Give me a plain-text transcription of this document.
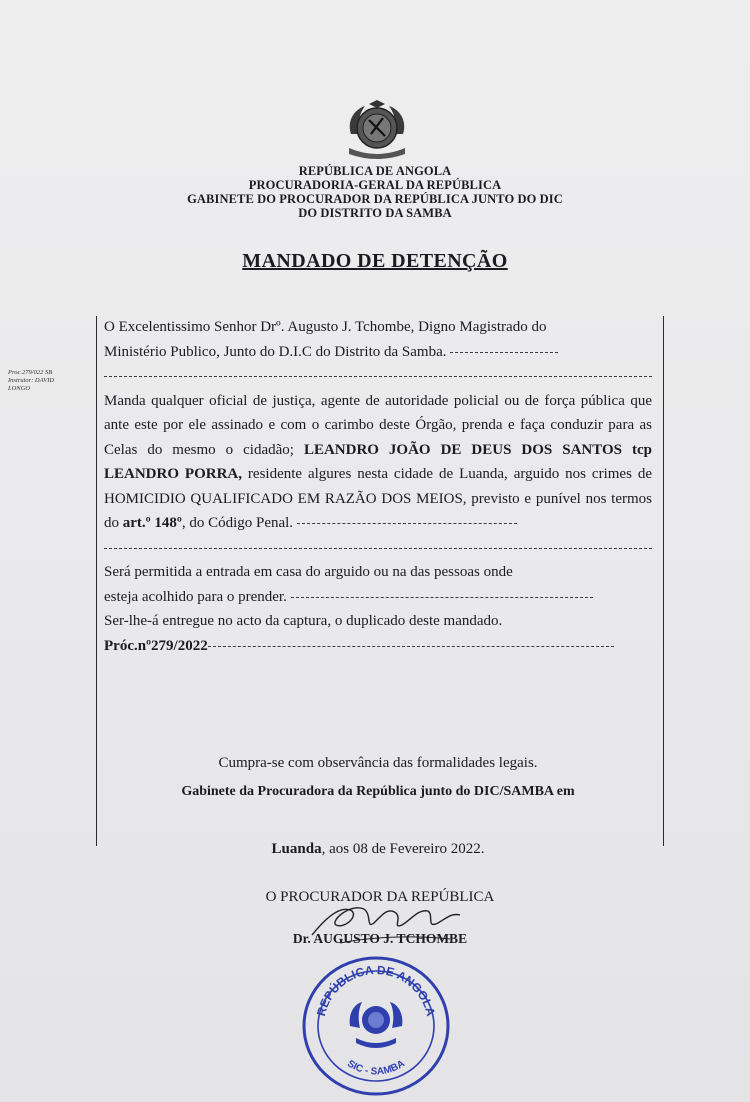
REPÚBLICA DE ANGOLA
PROCURADORIA-GERAL DA REPÚBLICA
GABINETE DO PROCURADOR DA REPÚBLICA JUNTO DO DIC
DO DISTRITO DA SAMBA
MANDADO DE DETENÇÃO
Proc.279/022 SB
Instrutor: DAVID
LONGO

O Excelentissimo Senhor Drº. Augusto J. Tchombe, Digno Magistrado do
Ministério Publico, Junto do D.I.C do Distrito da Samba.

Manda qualquer oficial de justiça, agente de autoridade policial ou de força pública que ante este por ele assinado e com o carimbo deste Órgão, prenda e faça conduzir para as Celas do mesmo o cidadão; LEANDRO JOÃO DE DEUS DOS SANTOS tcp LEANDRO PORRA, residente algures nesta cidade de Luanda, arguido nos crimes de HOMICIDIO QUALIFICADO EM RAZÃO DOS MEIOS, previsto e punível nos termos do art.º 148º, do Código Penal.

Será permitida a entrada em casa do arguido ou na das pessoas onde
esteja acolhido para o prender.

Ser-lhe-á entregue no acto da captura, o duplicado deste mandado.

Próc.nº279/2022

Cumpra-se com observância das formalidades legais.
Gabinete da Procuradora da República junto do DIC/SAMBA em
Luanda, aos 08 de Fevereiro 2022.
O PROCURADOR DA REPÚBLICA
Dr. AUGUSTO J. TCHOMBE
REPÚBLICA DE ANGOLA
SIC - SAMBA
